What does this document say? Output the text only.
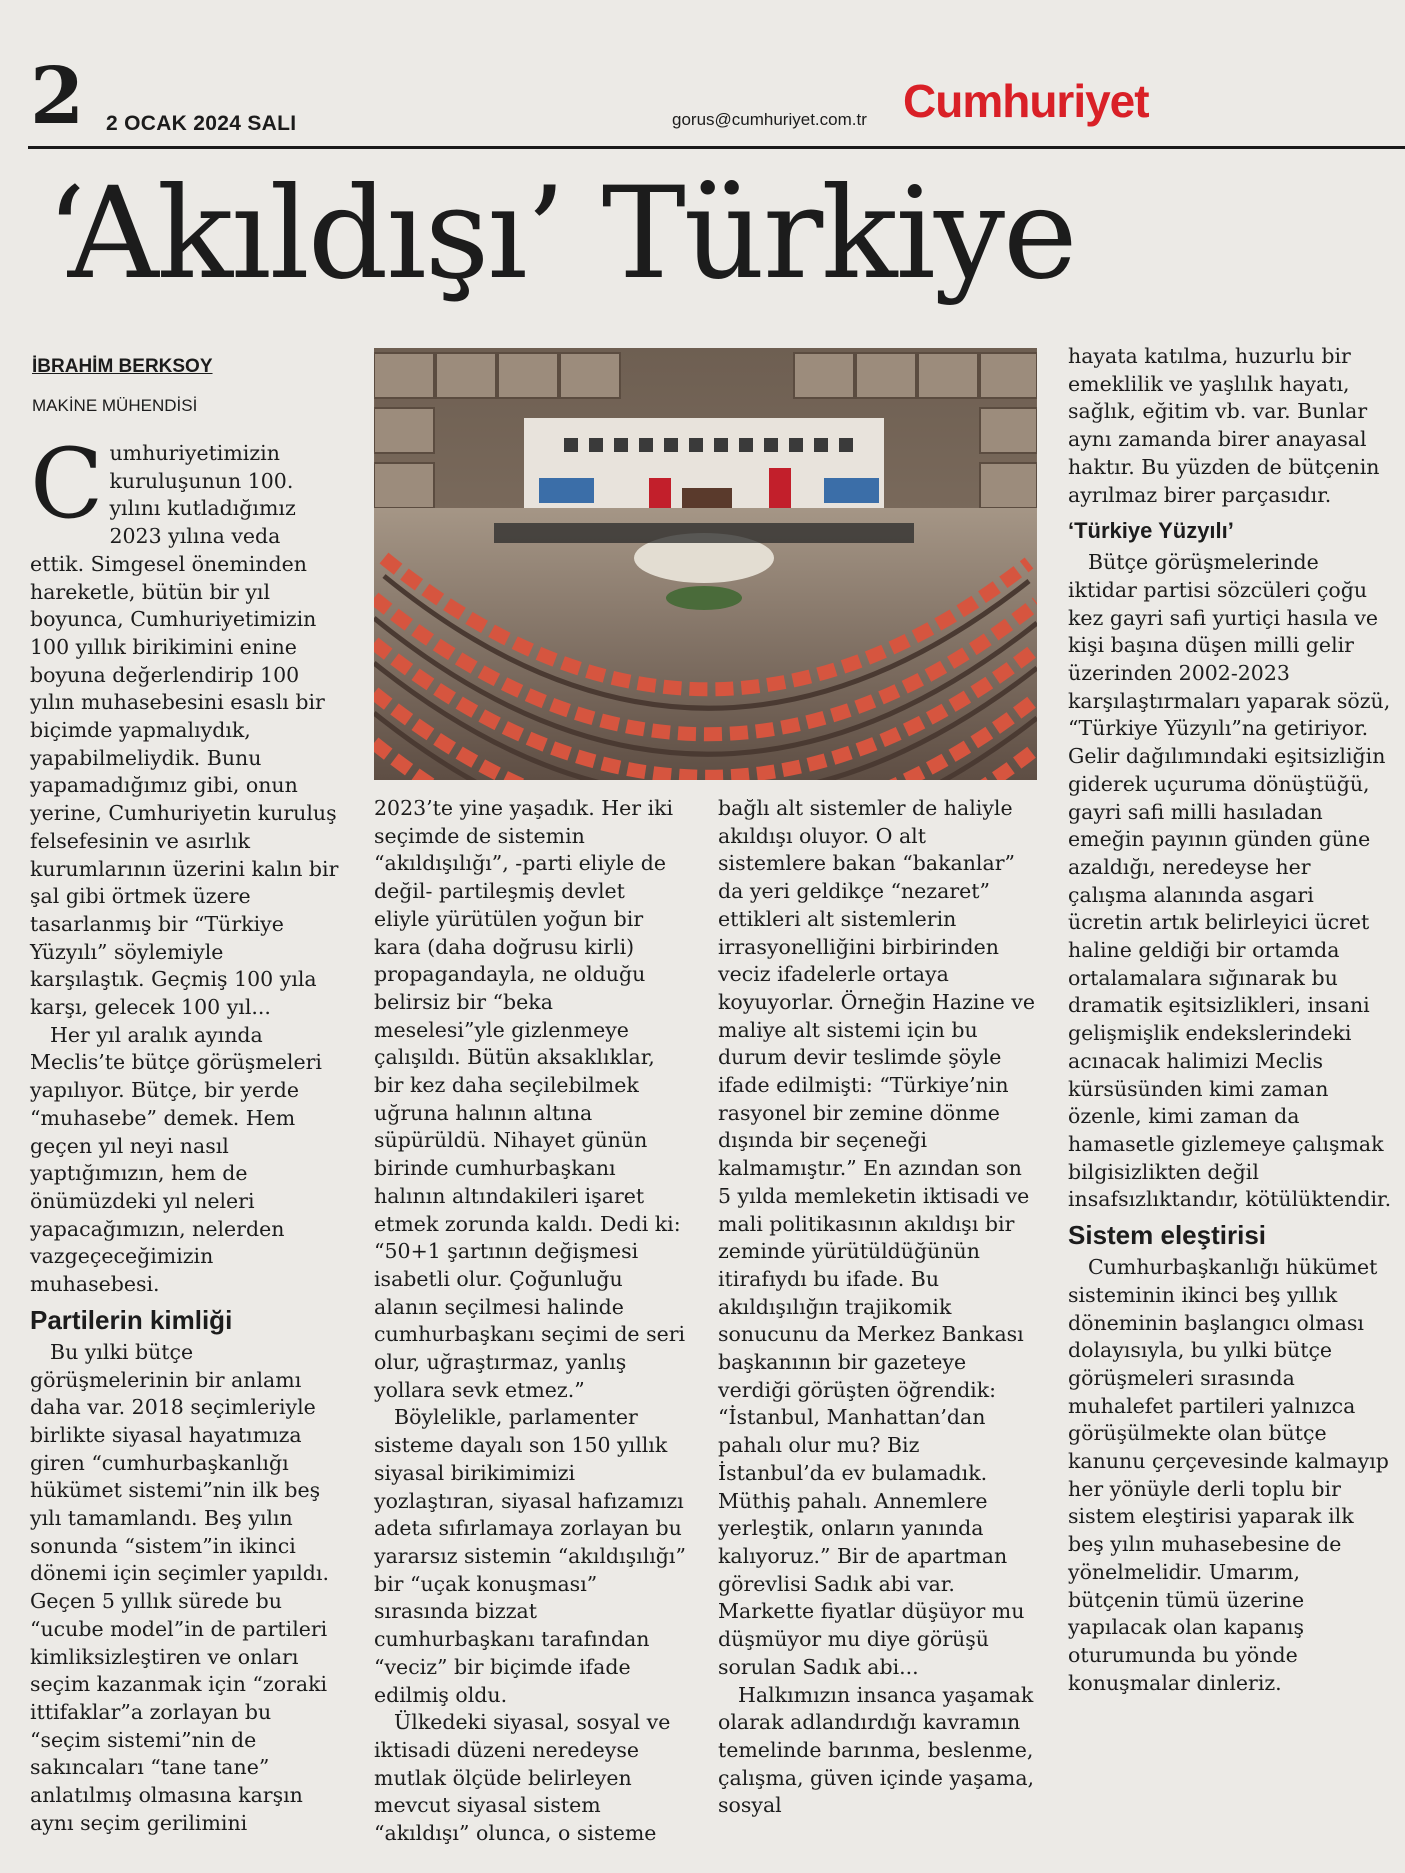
2 2 OCAK 2024 SALI	gorus@cumhuriyet.com.tr Cumhuriyet
‘Akıldışı’ Türkiye
İBRAHİM BERKSOY
MAKİNE MÜHENDİSİ

C umhuriyetimizin kuruluşunun 100. yılını kutladığımız 2023 yılına veda ettik. Simgesel öneminden hareketle, bütün bir yıl boyunca, Cumhuriyetimizin 100 yıllık birikimini enine boyuna değerlendirip 100 yılın muhasebesini esaslı bir biçimde yapmalıydık, yapabilmeliydik. Bunu yapamadığımız gibi, onun yerine, Cumhuriyetin kuruluş felsefesinin ve asırlık kurumlarının üzerini kalın bir şal gibi örtmek üzere tasarlanmış bir “Türkiye Yüzyılı” söylemiyle karşılaştık. Geçmiş 100 yıla karşı, gelecek 100 yıl...

Her yıl aralık ayında Meclis’te bütçe görüşmeleri yapılıyor. Bütçe, bir yerde “muhasebe” demek. Hem geçen yıl neyi nasıl yaptığımızın, hem de önümüzdeki yıl neleri yapacağımızın, nelerden vazgeçeceğimizin muhasebesi.

Partilerin kimliği

Bu yılki bütçe görüşmelerinin bir anlamı daha var. 2018 seçimleriyle birlikte siyasal hayatımıza giren “cumhurbaşkanlığı hükümet sistemi”nin ilk beş yılı tamamlandı. Beş yılın sonunda “sistem”in ikinci dönemi için seçimler yapıldı. Geçen 5 yıllık sürede bu “ucube model”in de partileri kimliksizleştiren ve onları seçim kazanmak için “zoraki ittifaklar”a zorlayan bu “seçim sistemi”nin de sakıncaları “tane tane” anlatılmış olmasına karşın aynı seçim gerilimini

2023’te yine yaşadık. Her iki seçimde de sistemin “akıldışılığı”, -parti eliyle de değil- partileşmiş devlet eliyle yürütülen yoğun bir kara (daha doğrusu kirli) propagandayla, ne olduğu belirsiz bir “beka meselesi”yle gizlenmeye çalışıldı. Bütün aksaklıklar, bir kez daha seçilebilmek uğruna halının altına süpürüldü. Nihayet günün birinde cumhurbaşkanı halının altındakileri işaret etmek zorunda kaldı. Dedi ki: “50+1 şartının değişmesi isabetli olur. Çoğunluğu alanın seçilmesi halinde cumhurbaşkanı seçimi de seri olur, uğraştırmaz, yanlış yollara sevk etmez.”

Böylelikle, parlamenter sisteme dayalı son 150 yıllık siyasal birikimimizi yozlaştıran, siyasal hafızamızı adeta sıfırlamaya zorlayan bu yararsız sistemin “akıldışılığı” bir “uçak konuşması” sırasında bizzat cumhurbaşkanı tarafından “veciz” bir biçimde ifade edilmiş oldu.

Ülkedeki siyasal, sosyal ve iktisadi düzeni neredeyse mutlak ölçüde belirleyen mevcut siyasal sistem “akıldışı” olunca, o sisteme

bağlı alt sistemler de haliyle akıldışı oluyor. O alt sistemlere bakan “bakanlar” da yeri geldikçe “nezaret” ettikleri alt sistemlerin irrasyonelliğini birbirinden veciz ifadelerle ortaya koyuyorlar. Örneğin Hazine ve maliye alt sistemi için bu durum devir teslimde şöyle ifade edilmişti: “Türkiye’nin rasyonel bir zemine dönme dışında bir seçeneği kalmamıştır.” En azından son 5 yılda memleketin iktisadi ve mali politikasının akıldışı bir zeminde yürütüldüğünün itirafıydı bu ifade. Bu akıldışılığın trajikomik sonucunu da Merkez Bankası başkanının bir gazeteye verdiği görüşten öğrendik: “İstanbul, Manhattan’dan pahalı olur mu? Biz İstanbul’da ev bulamadık. Müthiş pahalı. Annemlere yerleştik, onların yanında kalıyoruz.” Bir de apartman görevlisi Sadık abi var. Markette fiyatlar düşüyor mu düşmüyor mu diye görüşü sorulan Sadık abi...

Halkımızın insanca yaşamak olarak adlandırdığı kavramın temelinde barınma, beslenme, çalışma, güven içinde yaşama, sosyal

hayata katılma, huzurlu bir emeklilik ve yaşlılık hayatı, sağlık, eğitim vb. var. Bunlar aynı zamanda birer anayasal haktır. Bu yüzden de bütçenin ayrılmaz birer parçasıdır.

‘Türkiye Yüzyılı’

Bütçe görüşmelerinde iktidar partisi sözcüleri çoğu kez gayri safi yurtiçi hasıla ve kişi başına düşen milli gelir üzerinden 2002-2023 karşılaştırmaları yaparak sözü, “Türkiye Yüzyılı”na getiriyor. Gelir dağılımındaki eşitsizliğin giderek uçuruma dönüştüğü, gayri safi milli hasıladan emeğin payının günden güne azaldığı, neredeyse her çalışma alanında asgari ücretin artık belirleyici ücret haline geldiği bir ortamda ortalamalara sığınarak bu dramatik eşitsizlikleri, insani gelişmişlik endekslerindeki acınacak halimizi Meclis kürsüsünden kimi zaman özenle, kimi zaman da hamasetle gizlemeye çalışmak bilgisizlikten değil insafsızlıktandır, kötülüktendir.

Sistem eleştirisi

Cumhurbaşkanlığı hükümet sisteminin ikinci beş yıllık döneminin başlangıcı olması dolayısıyla, bu yılki bütçe görüşmeleri sırasında muhalefet partileri yalnızca görüşülmekte olan bütçe kanunu çerçevesinde kalmayıp her yönüyle derli toplu bir sistem eleştirisi yaparak ilk beş yılın muhasebesine de yönelmelidir. Umarım, bütçenin tümü üzerine yapılacak olan kapanış oturumunda bu yönde konuşmalar dinleriz.
